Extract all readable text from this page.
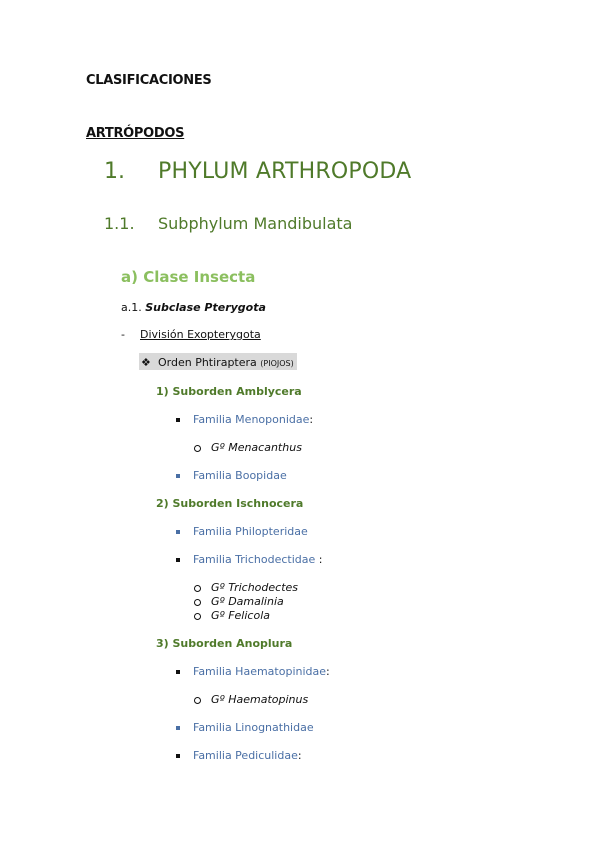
CLASIFICACIONES
ARTRÓPODOS
1. PHYLUM ARTHROPODA
1.1. Subphylum Mandibulata
a) Clase Insecta
a.1. Subclase Pterygota
- División Exopterygota
❖ Orden Phtiraptera (PIOJOS)
1) Suborden Amblycera
Familia Menoponidae:
Gº Menacanthus
Familia Boopidae
2) Suborden Ischnocera
Familia Philopteridae
Familia Trichodectidae :
Gº Trichodectes
Gº Damalinia
Gº Felicola
3) Suborden Anoplura
Familia Haematopinidae:
Gº Haematopinus
Familia Linognathidae
Familia Pediculidae:
